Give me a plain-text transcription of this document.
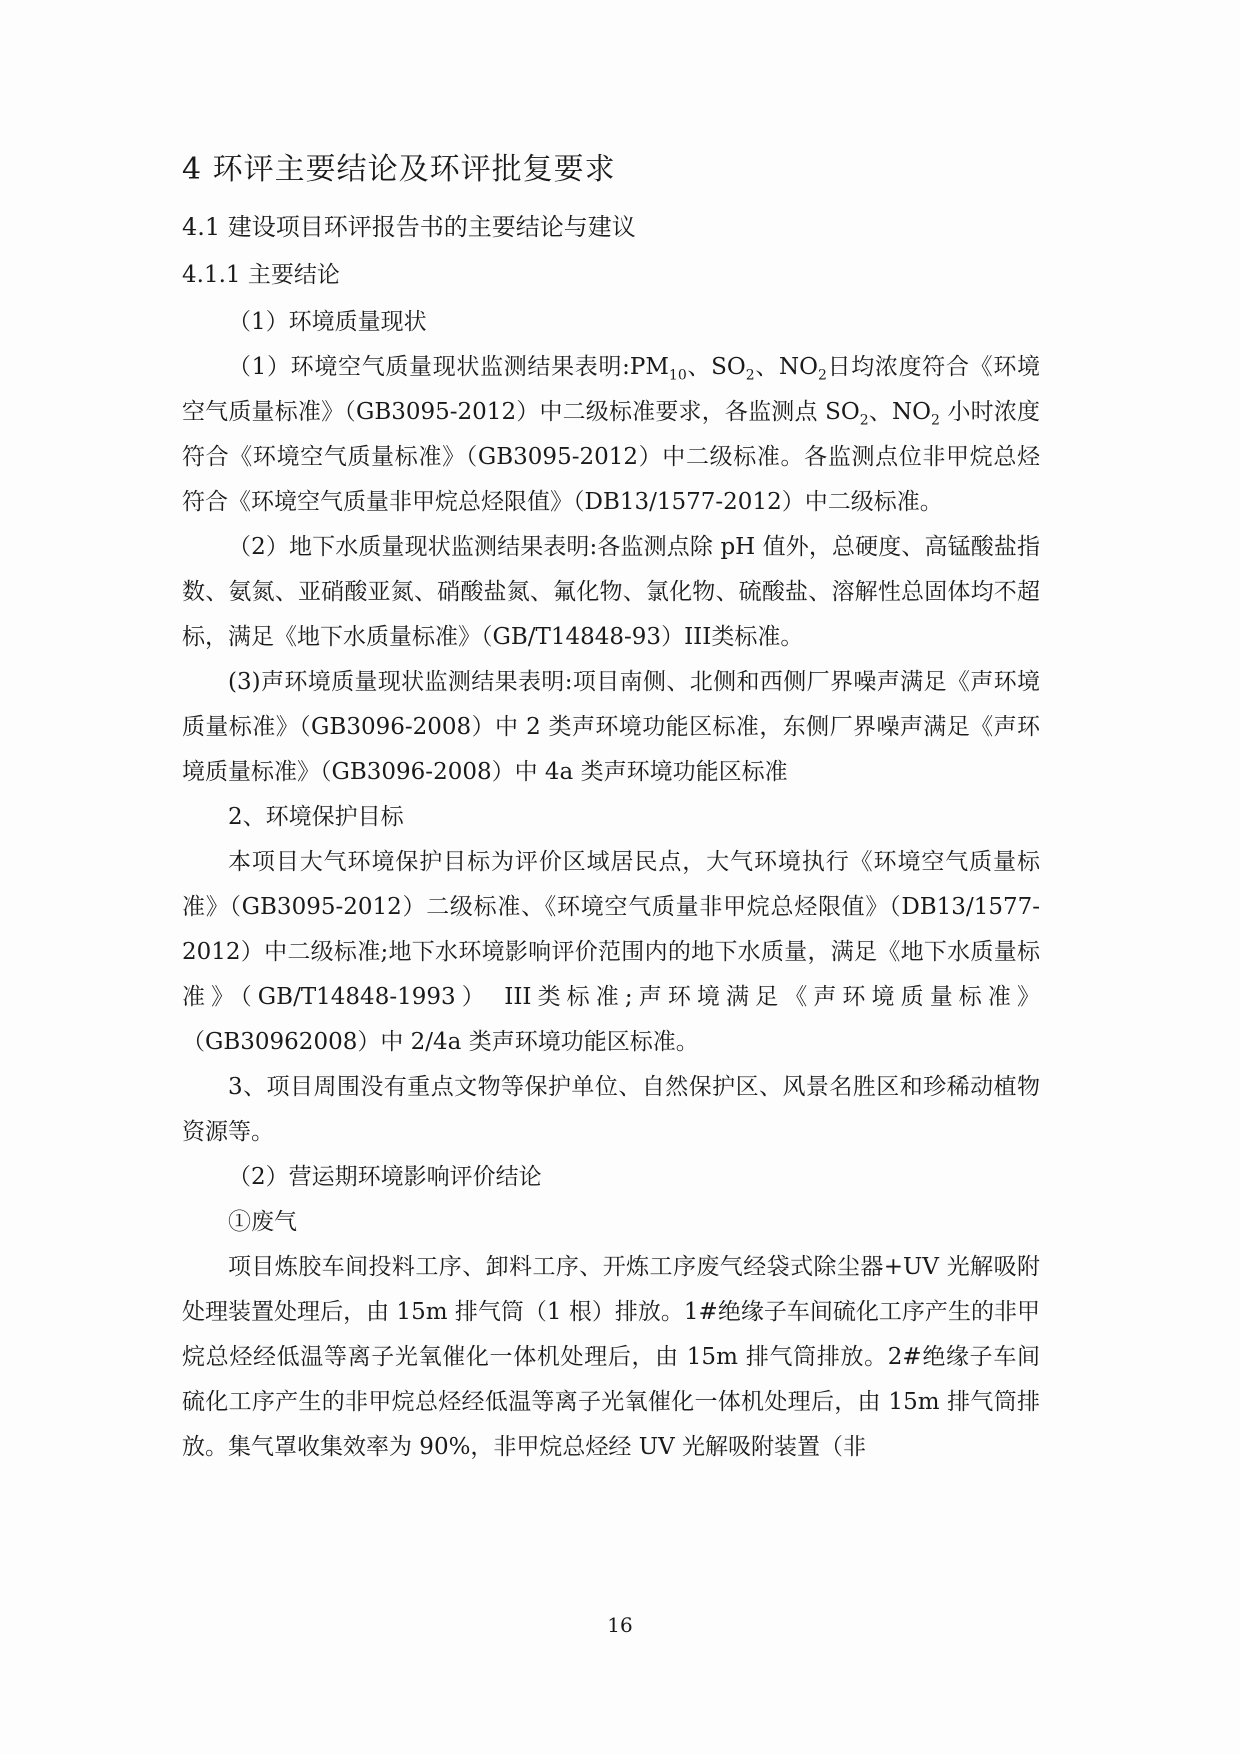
4 环评主要结论及环评批复要求
4.1 建设项目环评报告书的主要结论与建议
4.1.1 主要结论

（1）环境质量现状

（1）环境空气质量现状监测结果表明$:PM_{10}$、$SO_2$、$NO_2$日均浓度符合《环境空气质量标准》（GB3095-2012）中二级标准要求，各监测点 $SO_2$、$NO_2$ 小时浓度符合《环境空气质量标准》（GB3095-2012）中二级标准。各监测点位非甲烷总烃符合《环境空气质量非甲烷总烃限值》（DB13/1577-2012）中二级标准。

（2）地下水质量现状监测结果表明:各监测点除 pH 值外，总硬度、高锰酸盐指数、氨氮、亚硝酸亚氮、硝酸盐氮、氟化物、氯化物、硫酸盐、溶解性总固体均不超标，满足《地下水质量标准》（GB/T14848-93）III类标准。

(3)声环境质量现状监测结果表明:项目南侧、北侧和西侧厂界噪声满足《声环境质量标准》（GB3096-2008）中 2 类声环境功能区标准，东侧厂界噪声满足《声环境质量标准》（GB3096-2008）中 4a 类声环境功能区标准

2、环境保护目标

本项目大气环境保护目标为评价区域居民点，大气环境执行《环境空气质量标准》（GB3095-2012）二级标准、《环境空气质量非甲烷总烃限值》（DB13/1577-2012）中二级标准;地下水环境影响评价范围内的地下水质量，满足《地下水质量标准》（GB/T14848-1993） III类标准;声环境满足《声环境质量标准》（GB30962008）中 2/4a 类声环境功能区标准。

3、项目周围没有重点文物等保护单位、自然保护区、风景名胜区和珍稀动植物资源等。

（2）营运期环境影响评价结论

①废气

项目炼胶车间投料工序、卸料工序、开炼工序废气经袋式除尘器+UV 光解吸附处理装置处理后，由 15m 排气筒（1 根）排放。1#绝缘子车间硫化工序产生的非甲烷总烃经低温等离子光氧催化一体机处理后，由 15m 排气筒排放。2#绝缘子车间硫化工序产生的非甲烷总烃经低温等离子光氧催化一体机处理后，由 15m 排气筒排放。集气罩收集效率为 90%，非甲烷总烃经 UV 光解吸附装置（非

16
